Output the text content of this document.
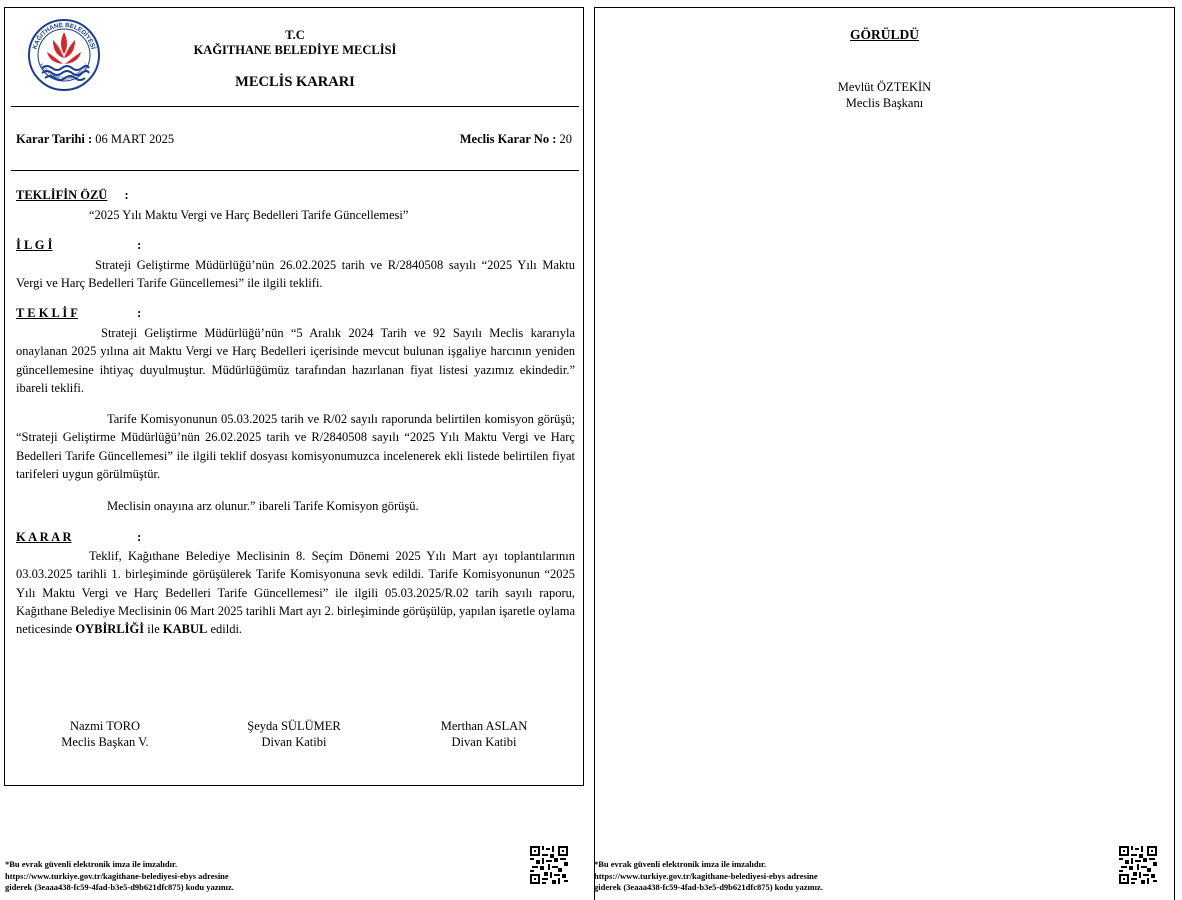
KAĞITHANE BELEDİYESİ
KAĞITHANE MUNICIPALITY
T.C
KAĞITHANE BELEDİYE MECLİSİ
MECLİS KARARI
Karar Tarihi : 06 MART 2025	Meclis Karar No : 20
TEKLİFİN ÖZÜ :
“2025 Yılı Maktu Vergi ve Harç Bedelleri Tarife Güncellemesi”
İ L G İ	:
Strateji Geliştirme Müdürlüğü’nün 26.02.2025 tarih ve R/2840508 sayılı “2025 Yılı Maktu Vergi ve Harç Bedelleri Tarife Güncellemesi” ile ilgili teklifi.
T E K L İ F	:
Strateji Geliştirme Müdürlüğü’nün “5 Aralık 2024 Tarih ve 92 Sayılı Meclis kararıyla onaylanan 2025 yılına ait Maktu Vergi ve Harç Bedelleri içerisinde mevcut bulunan işgaliye harcının yeniden güncellemesine ihtiyaç duyulmuştur. Müdürlüğümüz tarafından hazırlanan fiyat listesi yazımız ekindedir.” ibareli teklifi.
Tarife Komisyonunun 05.03.2025 tarih ve R/02 sayılı raporunda belirtilen komisyon görüşü; “Strateji Geliştirme Müdürlüğü’nün 26.02.2025 tarih ve R/2840508 sayılı “2025 Yılı Maktu Vergi ve Harç Bedelleri Tarife Güncellemesi” ile ilgili teklif dosyası komisyonumuzca incelenerek ekli listede belirtilen fiyat tarifeleri uygun görülmüştür.
Meclisin onayına arz olunur.” ibareli Tarife Komisyon görüşü.
K A R A R	:
Teklif, Kağıthane Belediye Meclisinin 8. Seçim Dönemi 2025 Yılı Mart ayı toplantılarının 03.03.2025 tarihli 1. birleşiminde görüşülerek Tarife Komisyonuna sevk edildi. Tarife Komisyonunun “2025 Yılı Maktu Vergi ve Harç Bedelleri Tarife Güncellemesi” ile ilgili 05.03.2025/R.02 tarih sayılı raporu, Kağıthane Belediye Meclisinin 06 Mart 2025 tarihli Mart ayı 2. birleşiminde görüşülüp, yapılan işaretle oylama neticesinde OYBİRLİĞİ ile KABUL edildi.
Nazmi TORO
Meclis Başkan V.
Şeyda SÜLÜMER
Divan Katibi
Merthan ASLAN
Divan Katibi
GÖRÜLDÜ
Mevlüt ÖZTEKİN
Meclis Başkanı
*Bu evrak güvenli elektronik imza ile imzalıdır.
https://www.turkiye.gov.tr/kagithane-belediyesi-ebys adresine
giderek (3eaaa438-fc59-4fad-b3e5-d9b621dfc875) kodu yazınız.
*Bu evrak güvenli elektronik imza ile imzalıdır.
https://www.turkiye.gov.tr/kagithane-belediyesi-ebys adresine
giderek (3eaaa438-fc59-4fad-b3e5-d9b621dfc875) kodu yazınız.
